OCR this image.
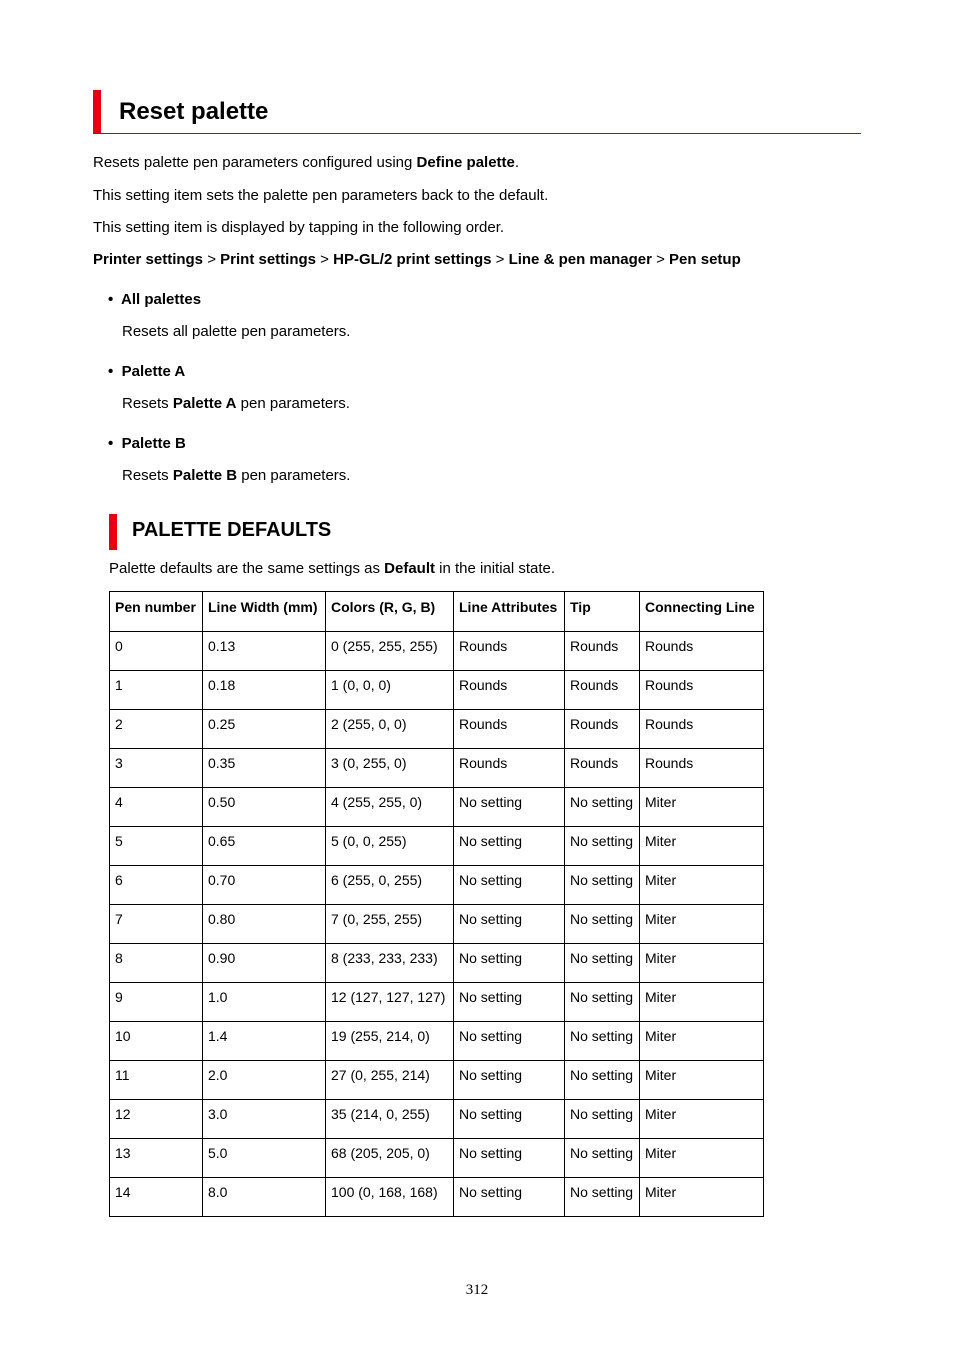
Reset palette
Resets palette pen parameters configured using Define palette.
This setting item sets the palette pen parameters back to the default.
This setting item is displayed by tapping in the following order.
Printer settings > Print settings > HP-GL/2 print settings > Line & pen manager > Pen setup
•  All palettes
Resets all palette pen parameters.
•  Palette A
Resets Palette A pen parameters.
•  Palette B
Resets Palette B pen parameters.
PALETTE DEFAULTS
Palette defaults are the same settings as Default in the initial state.
Pen number	Line Width (mm)	Colors (R, G, B)	Line Attributes	Tip	Connecting Line
0	0.13	0 (255, 255, 255)	Rounds	Rounds	Rounds
1	0.18	1 (0, 0, 0)	Rounds	Rounds	Rounds
2	0.25	2 (255, 0, 0)	Rounds	Rounds	Rounds
3	0.35	3 (0, 255, 0)	Rounds	Rounds	Rounds
4	0.50	4 (255, 255, 0)	No setting	No setting	Miter
5	0.65	5 (0, 0, 255)	No setting	No setting	Miter
6	0.70	6 (255, 0, 255)	No setting	No setting	Miter
7	0.80	7 (0, 255, 255)	No setting	No setting	Miter
8	0.90	8 (233, 233, 233)	No setting	No setting	Miter
9	1.0	12 (127, 127, 127)	No setting	No setting	Miter
10	1.4	19 (255, 214, 0)	No setting	No setting	Miter
11	2.0	27 (0, 255, 214)	No setting	No setting	Miter
12	3.0	35 (214, 0, 255)	No setting	No setting	Miter
13	5.0	68 (205, 205, 0)	No setting	No setting	Miter
14	8.0	100 (0, 168, 168)	No setting	No setting	Miter
312
